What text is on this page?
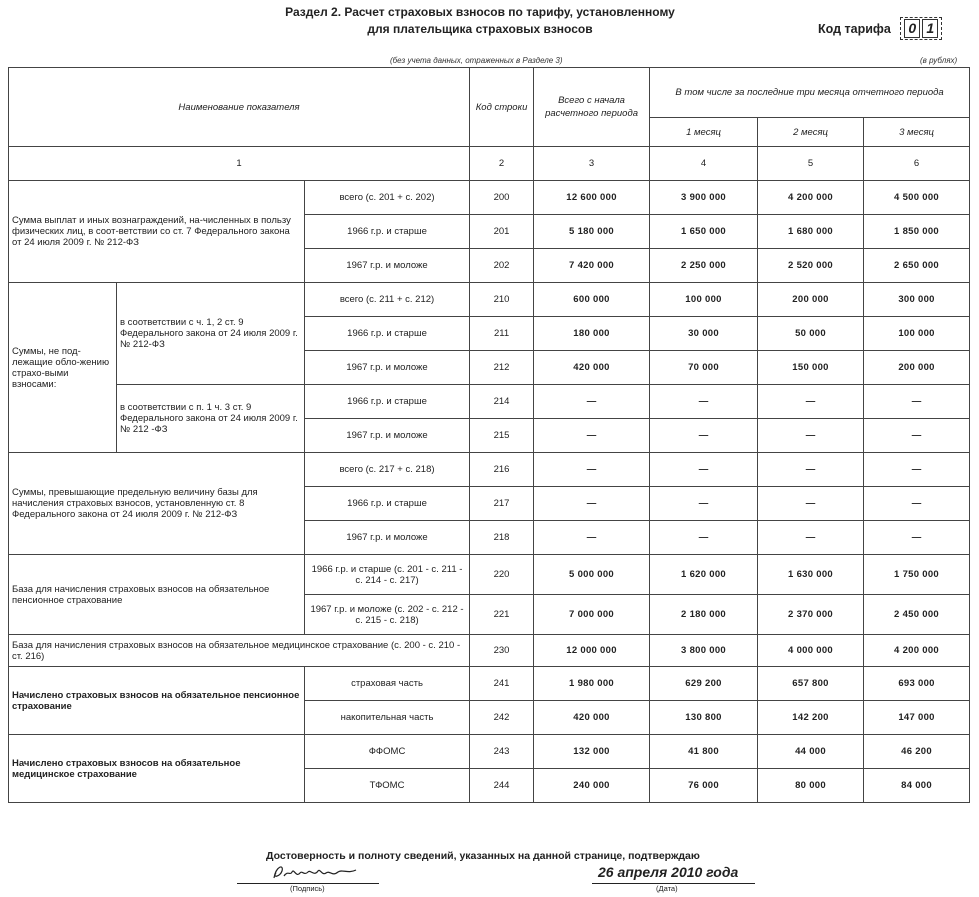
Раздел 2. Расчет страховых взносов по тарифу, установленному
для плательщика страховых взносов	Код тарифа 0 1
(без учета данных, отраженных в Разделе 3)	(в рублях)
Наименование показателя			Код строки	Всего с начала расчетного периода	В том числе за последние три месяца отчетного периода		
					1 месяц	2 месяц	3 месяц
1			2	3	4	5	6
Сумма выплат и иных вознаграждений, на-численных в пользу физических лиц, в соот-ветствии со ст. 7 Федерального закона от 24 июля 2009 г. № 212-ФЗ		всего (с. 201 + с. 202)	200	12 600 000	3 900 000	4 200 000	4 500 000
		1966 г.р. и старше	201	5 180 000	1 650 000	1 680 000	1 850 000
		1967 г.р. и моложе	202	7 420 000	2 250 000	2 520 000	2 650 000
Суммы, не под-лежащие обло-жению страхо-выми взносами:	в соответствии с ч. 1, 2 ст. 9 Федерального закона от 24 июля 2009 г. № 212-ФЗ	всего (с. 211 + с. 212)	210	600 000	100 000	200 000	300 000
		1966 г.р. и старше	211	180 000	30 000	50 000	100 000
		1967 г.р. и моложе	212	420 000	70 000	150 000	200 000
	в соответствии с п. 1 ч. 3 ст. 9 Федерального закона от 24 июля 2009 г. № 212 -ФЗ	1966 г.р. и старше	214	—	—	—	—
		1967 г.р. и моложе	215	—	—	—	—
Суммы, превышающие предельную величину базы для начисления страховых взносов, установленную ст. 8 Федерального закона от 24 июля 2009 г. № 212-ФЗ		всего (с. 217 + с. 218)	216	—	—	—	—
		1966 г.р. и старше	217	—	—	—	—
		1967 г.р. и моложе	218	—	—	—	—
База для начисления страховых взносов на обязательное пенсионное страхование		1966 г.р. и старше (с. 201 - с. 211 - с. 214 - с. 217)	220	5 000 000	1 620 000	1 630 000	1 750 000
		1967 г.р. и моложе (с. 202 - с. 212 - с. 215 - с. 218)	221	7 000 000	2 180 000	2 370 000	2 450 000
База для начисления страховых взносов на обязательное медицинское страхование (с. 200 - с. 210 - ст. 216)			230	12 000 000	3 800 000	4 000 000	4 200 000
Начислено страховых взносов на обязательное пенсионное страхование		страховая часть	241	1 980 000	629 200	657 800	693 000
		накопительная часть	242	420 000	130 800	142 200	147 000
Начислено страховых взносов на обязательное медицинское страхование		ФФОМС	243	132 000	41 800	44 000	46 200
		ТФОМС	244	240 000	76 000	80 000	84 000
Достоверность и полноту сведений, указанных на данной странице, подтверждаю
(Подпись)
26 апреля 2010 года
(Дата)
